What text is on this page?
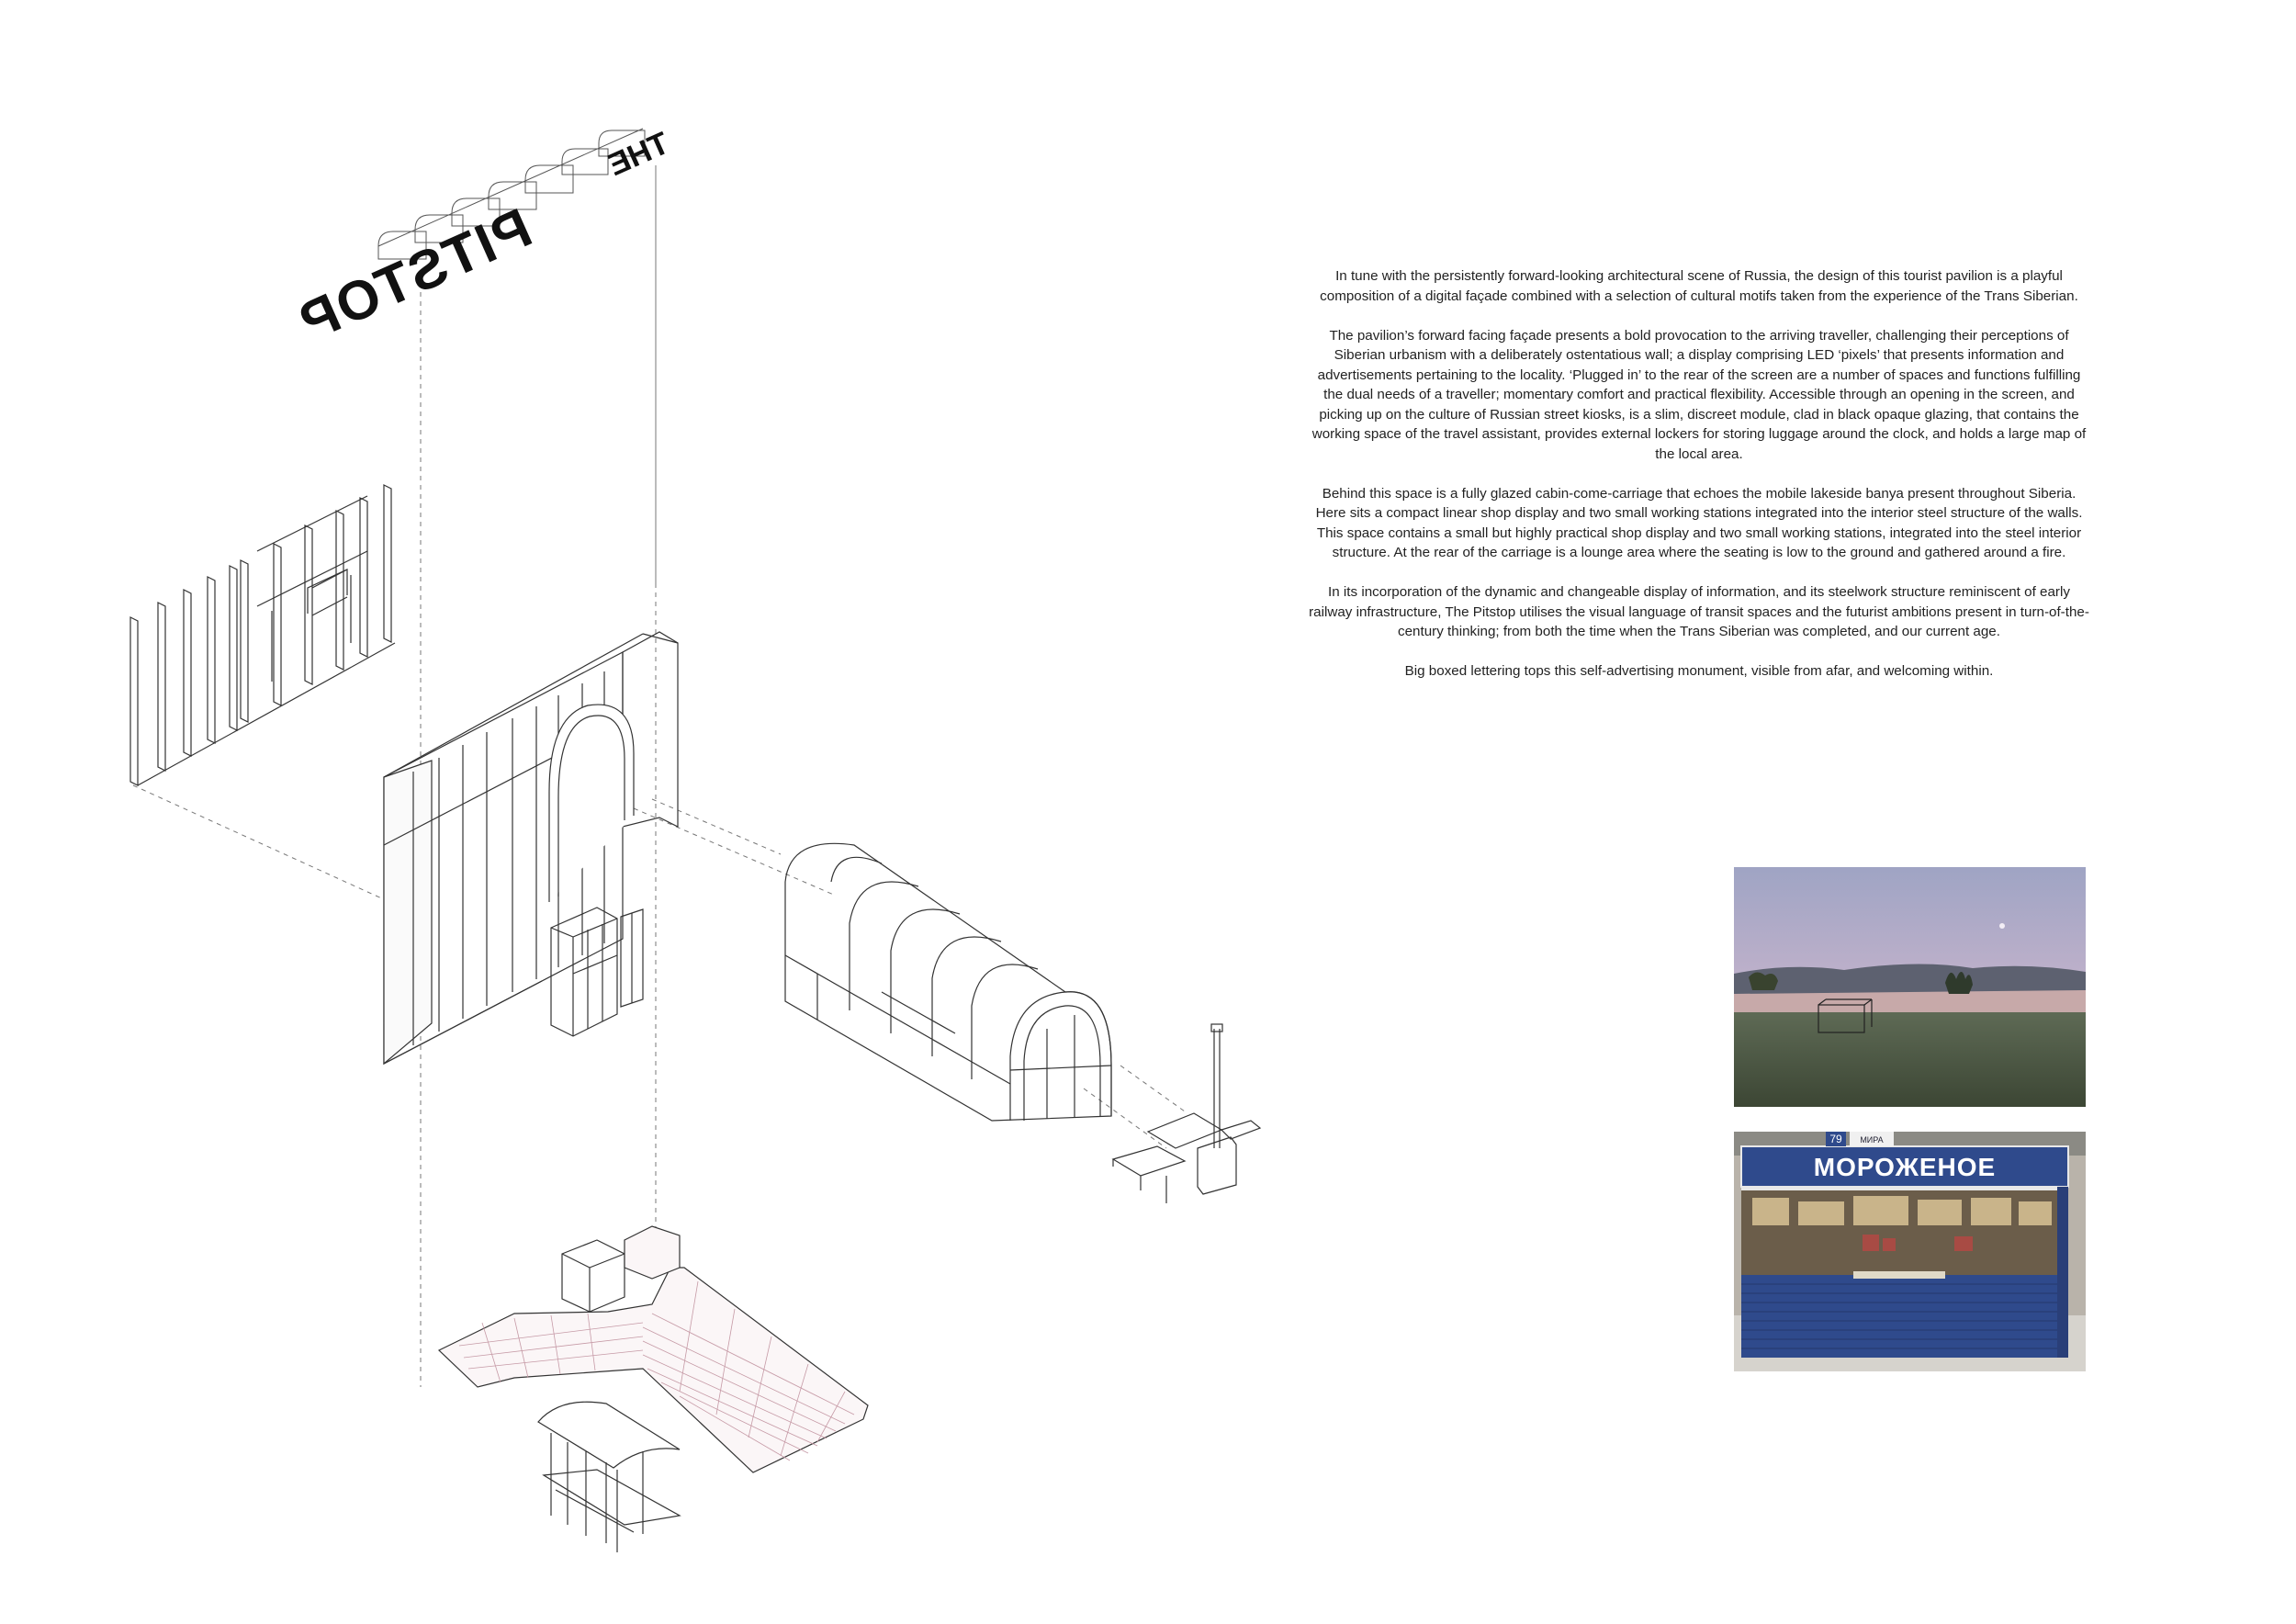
PITSTOP
THE

In tune with the persistently forward-looking architectural scene of Russia, the design of this tourist pavilion is a playful composition of a digital façade combined with a selection of cultural motifs taken from the experience of the Trans Siberian.

The pavilion’s forward facing façade presents a bold provocation to the arriving traveller, challenging their perceptions of Siberian urbanism with a deliberately ostentatious wall; a display comprising LED ‘pixels’ that presents information and advertisements pertaining to the locality. ‘Plugged in’ to the rear of the screen are a number of spaces and functions fulfilling the dual needs of a traveller; momentary comfort and practical flexibility. Accessible through an opening in the screen, and picking up on the culture of Russian street kiosks, is a slim, discreet module, clad in black opaque glazing, that contains the working space of the travel assistant, provides external lockers for storing luggage around the clock, and holds a large map of the local area.

Behind this space is a fully glazed cabin-come-carriage that echoes the mobile lakeside banya present throughout Siberia. Here sits a compact linear shop display and two small working stations integrated into the interior steel structure of the walls. This space contains a small but highly practical shop display and two small working stations, integrated into the steel interior structure. At the rear of the carriage is a lounge area where the seating is low to the ground and gathered around a fire.

In its incorporation of the dynamic and changeable display of information, and its steelwork structure reminiscent of early railway infrastructure, The Pitstop utilises the visual language of transit spaces and the futurist ambitions present in turn-of-the-century thinking; from both the time when the Trans Siberian was completed, and our current age.

Big boxed lettering tops this self-advertising monument, visible from afar, and welcoming within.

79 МИРА
МОРОЖЕНОЕ
